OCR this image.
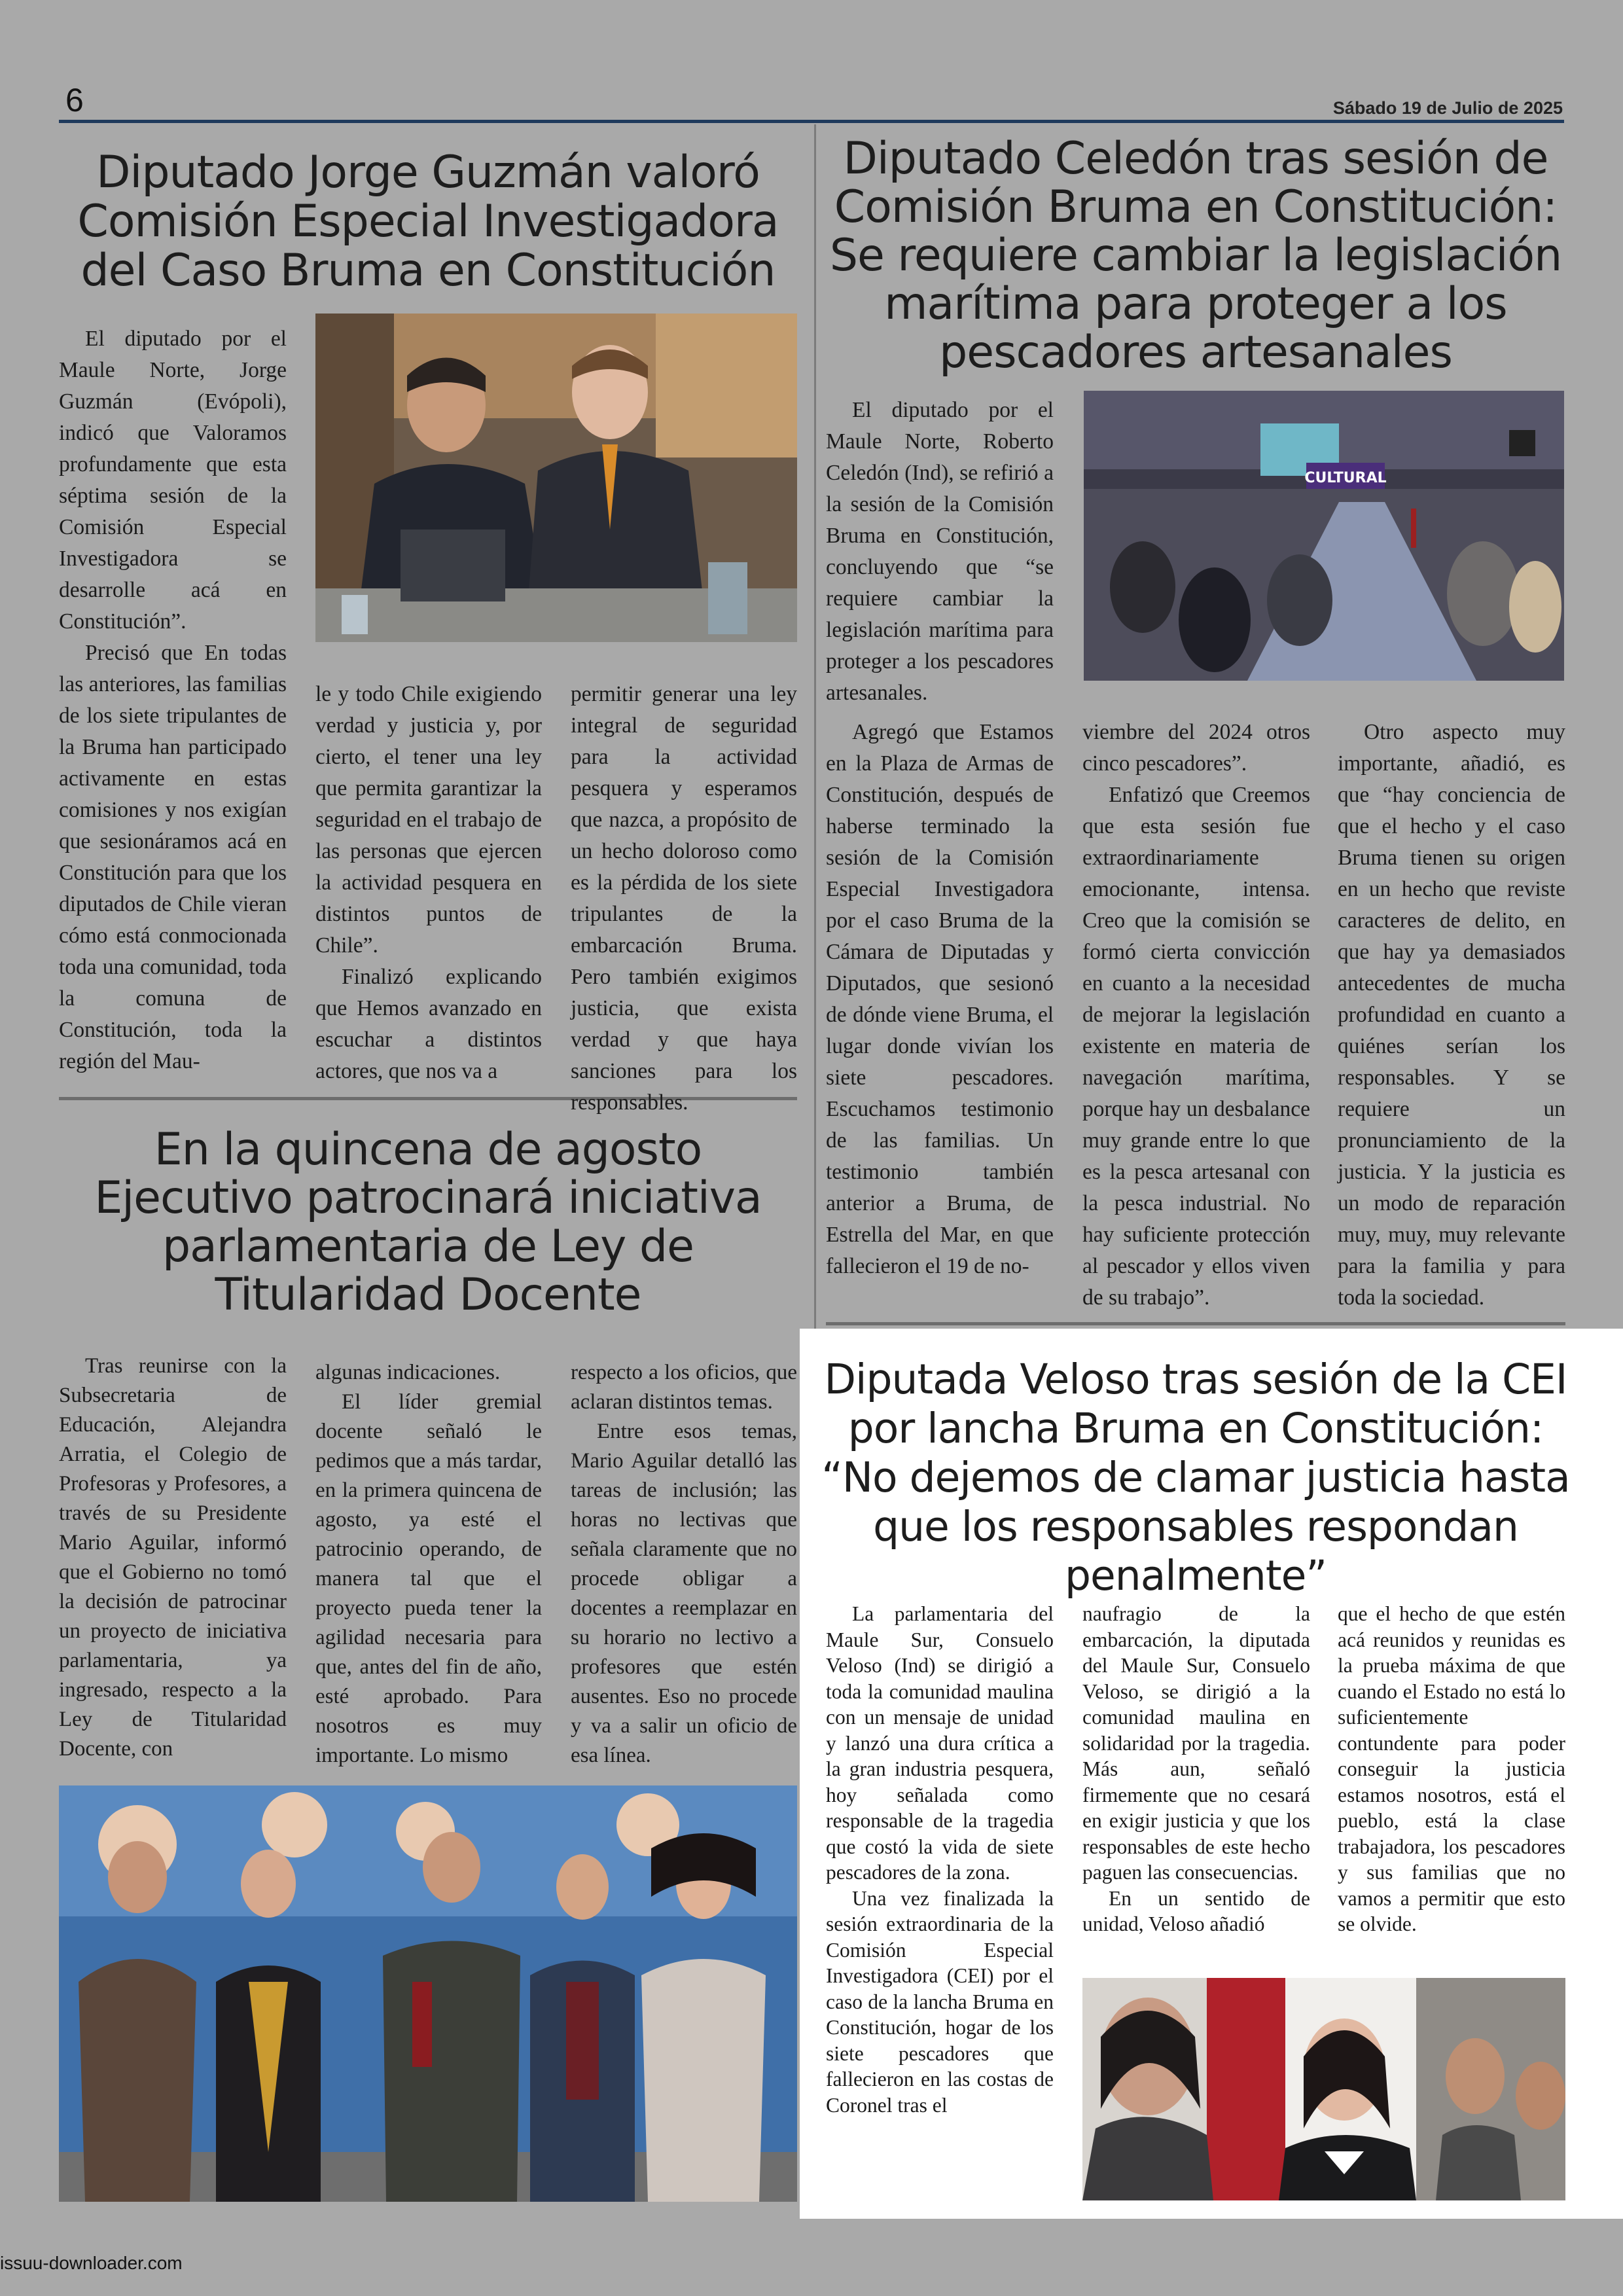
6	Sábado 19 de Julio de 2025
Diputado Jorge Guzmán valoró
Comisión Especial Investigadora
del Caso Bruma en Constitución

El diputado por el Maule Norte, Jorge Guzmán (Evópoli), indicó que Valoramos profundamente que esta séptima sesión de la Comisión Especial Investigadora se desarrolle acá en Constitución”.

Precisó que En todas las anteriores, las familias de los siete tripulantes de la Bruma han participado activamente en estas comisiones y nos exigían que sesionáramos acá en Constitución para que los diputados de Chile vieran cómo está conmocionada toda una comunidad, toda la comuna de Constitución, toda la región del Mau-

le y todo Chile exigiendo verdad y justicia y, por cierto, el tener una ley que permita garantizar la seguridad en el trabajo de las personas que ejercen la actividad pesquera en distintos puntos de Chile”.

Finalizó explicando que Hemos avanzado en escuchar a distintos actores, que nos va a

permitir generar una ley integral de seguridad para la actividad pesquera y esperamos que nazca, a propósito de un hecho doloroso como es la pérdida de los siete tripulantes de la embarcación Bruma. Pero también exigimos justicia, que exista verdad y que haya sanciones para los responsables.

Diputado Celedón tras sesión de
Comisión Bruma en Constitución:
Se requiere cambiar la legislación
marítima para proteger a los
pescadores artesanales
CULTURAL

El diputado por el Maule Norte, Roberto Celedón (Ind), se refirió a la sesión de la Comisión Bruma en Constitución, concluyendo que “se requiere cambiar la legislación marítima para proteger a los pescadores artesanales.

Agregó que Estamos en la Plaza de Armas de Constitución, después de haberse terminado la sesión de la Comisión Especial Investigadora por el caso Bruma de la Cámara de Diputadas y Diputados, que sesionó de dónde viene Bruma, el lugar donde vivían los siete pescadores. Escuchamos testimonio de las familias. Un testimonio también anterior a Bruma, de Estrella del Mar, en que fallecieron el 19 de no-

viembre del 2024 otros cinco pescadores”.

Enfatizó que Creemos que esta sesión fue extraordinariamente emocionante, intensa. Creo que la comisión se formó cierta convicción en cuanto a la necesidad de mejorar la legislación existente en materia de navegación marítima, porque hay un desbalance muy grande entre lo que es la pesca artesanal con la pesca industrial. No hay suficiente protección al pescador y ellos viven de su trabajo”.

Otro aspecto muy importante, añadió, es que “hay conciencia de que el hecho y el caso Bruma tienen su origen en un hecho que reviste caracteres de delito, en que hay ya demasiados antecedentes de mucha profundidad en cuanto a quiénes serían los responsables. Y se requiere un pronunciamiento de la justicia. Y la justicia es un modo de reparación muy, muy, muy relevante para la familia y para toda la sociedad.

En la quincena de agosto
Ejecutivo patrocinará iniciativa
parlamentaria de Ley de
Titularidad Docente

Tras reunirse con la Subsecretaria de Educación, Alejandra Arratia, el Colegio de Profesoras y Profesores, a través de su Presidente Mario Aguilar, informó que el Gobierno no tomó la decisión de patrocinar un proyecto de iniciativa parlamentaria, ya ingresado, respecto a la Ley de Titularidad Docente, con

algunas indicaciones.

El líder gremial docente señaló le pedimos que a más tardar, en la primera quincena de agosto, ya esté el patrocinio operando, de manera tal que el proyecto pueda tener la agilidad necesaria para que, antes del fin de año, esté aprobado. Para nosotros es muy importante. Lo mismo

respecto a los oficios, que aclaran distintos temas.

Entre esos temas, Mario Aguilar detalló las tareas de inclusión; las horas no lectivas que señala claramente que no procede obligar a docentes a reemplazar en su horario no lectivo a profesores que estén ausentes. Eso no procede y va a salir un oficio de esa línea.

Diputada Veloso tras sesión de la CEI
por lancha Bruma en Constitución:
“No dejemos de clamar justicia hasta
que los responsables respondan
penalmente”

La parlamentaria del Maule Sur, Consuelo Veloso (Ind) se dirigió a toda la comunidad maulina con un mensaje de unidad y lanzó una dura crítica a la gran industria pesquera, hoy señalada como responsable de la tragedia que costó la vida de siete pescadores de la zona.

Una vez finalizada la sesión extraordinaria de la Comisión Especial Investigadora (CEI) por el caso de la lancha Bruma en Constitución, hogar de los siete pescadores que fallecieron en las costas de Coronel tras el

naufragio de la embarcación, la diputada del Maule Sur, Consuelo Veloso, se dirigió a la comunidad maulina en solidaridad por la tragedia. Más aun, señaló firmemente que no cesará en exigir justicia y que los responsables de este hecho paguen las consecuencias.

En un sentido de unidad, Veloso añadió

que el hecho de que estén acá reunidos y reunidas es la prueba máxima de que cuando el Estado no está lo suficientemente contundente para poder conseguir la justicia estamos nosotros, está el pueblo, está la clase trabajadora, los pescadores y sus familias que no vamos a permitir que esto se olvide.

issuu-downloader.com
